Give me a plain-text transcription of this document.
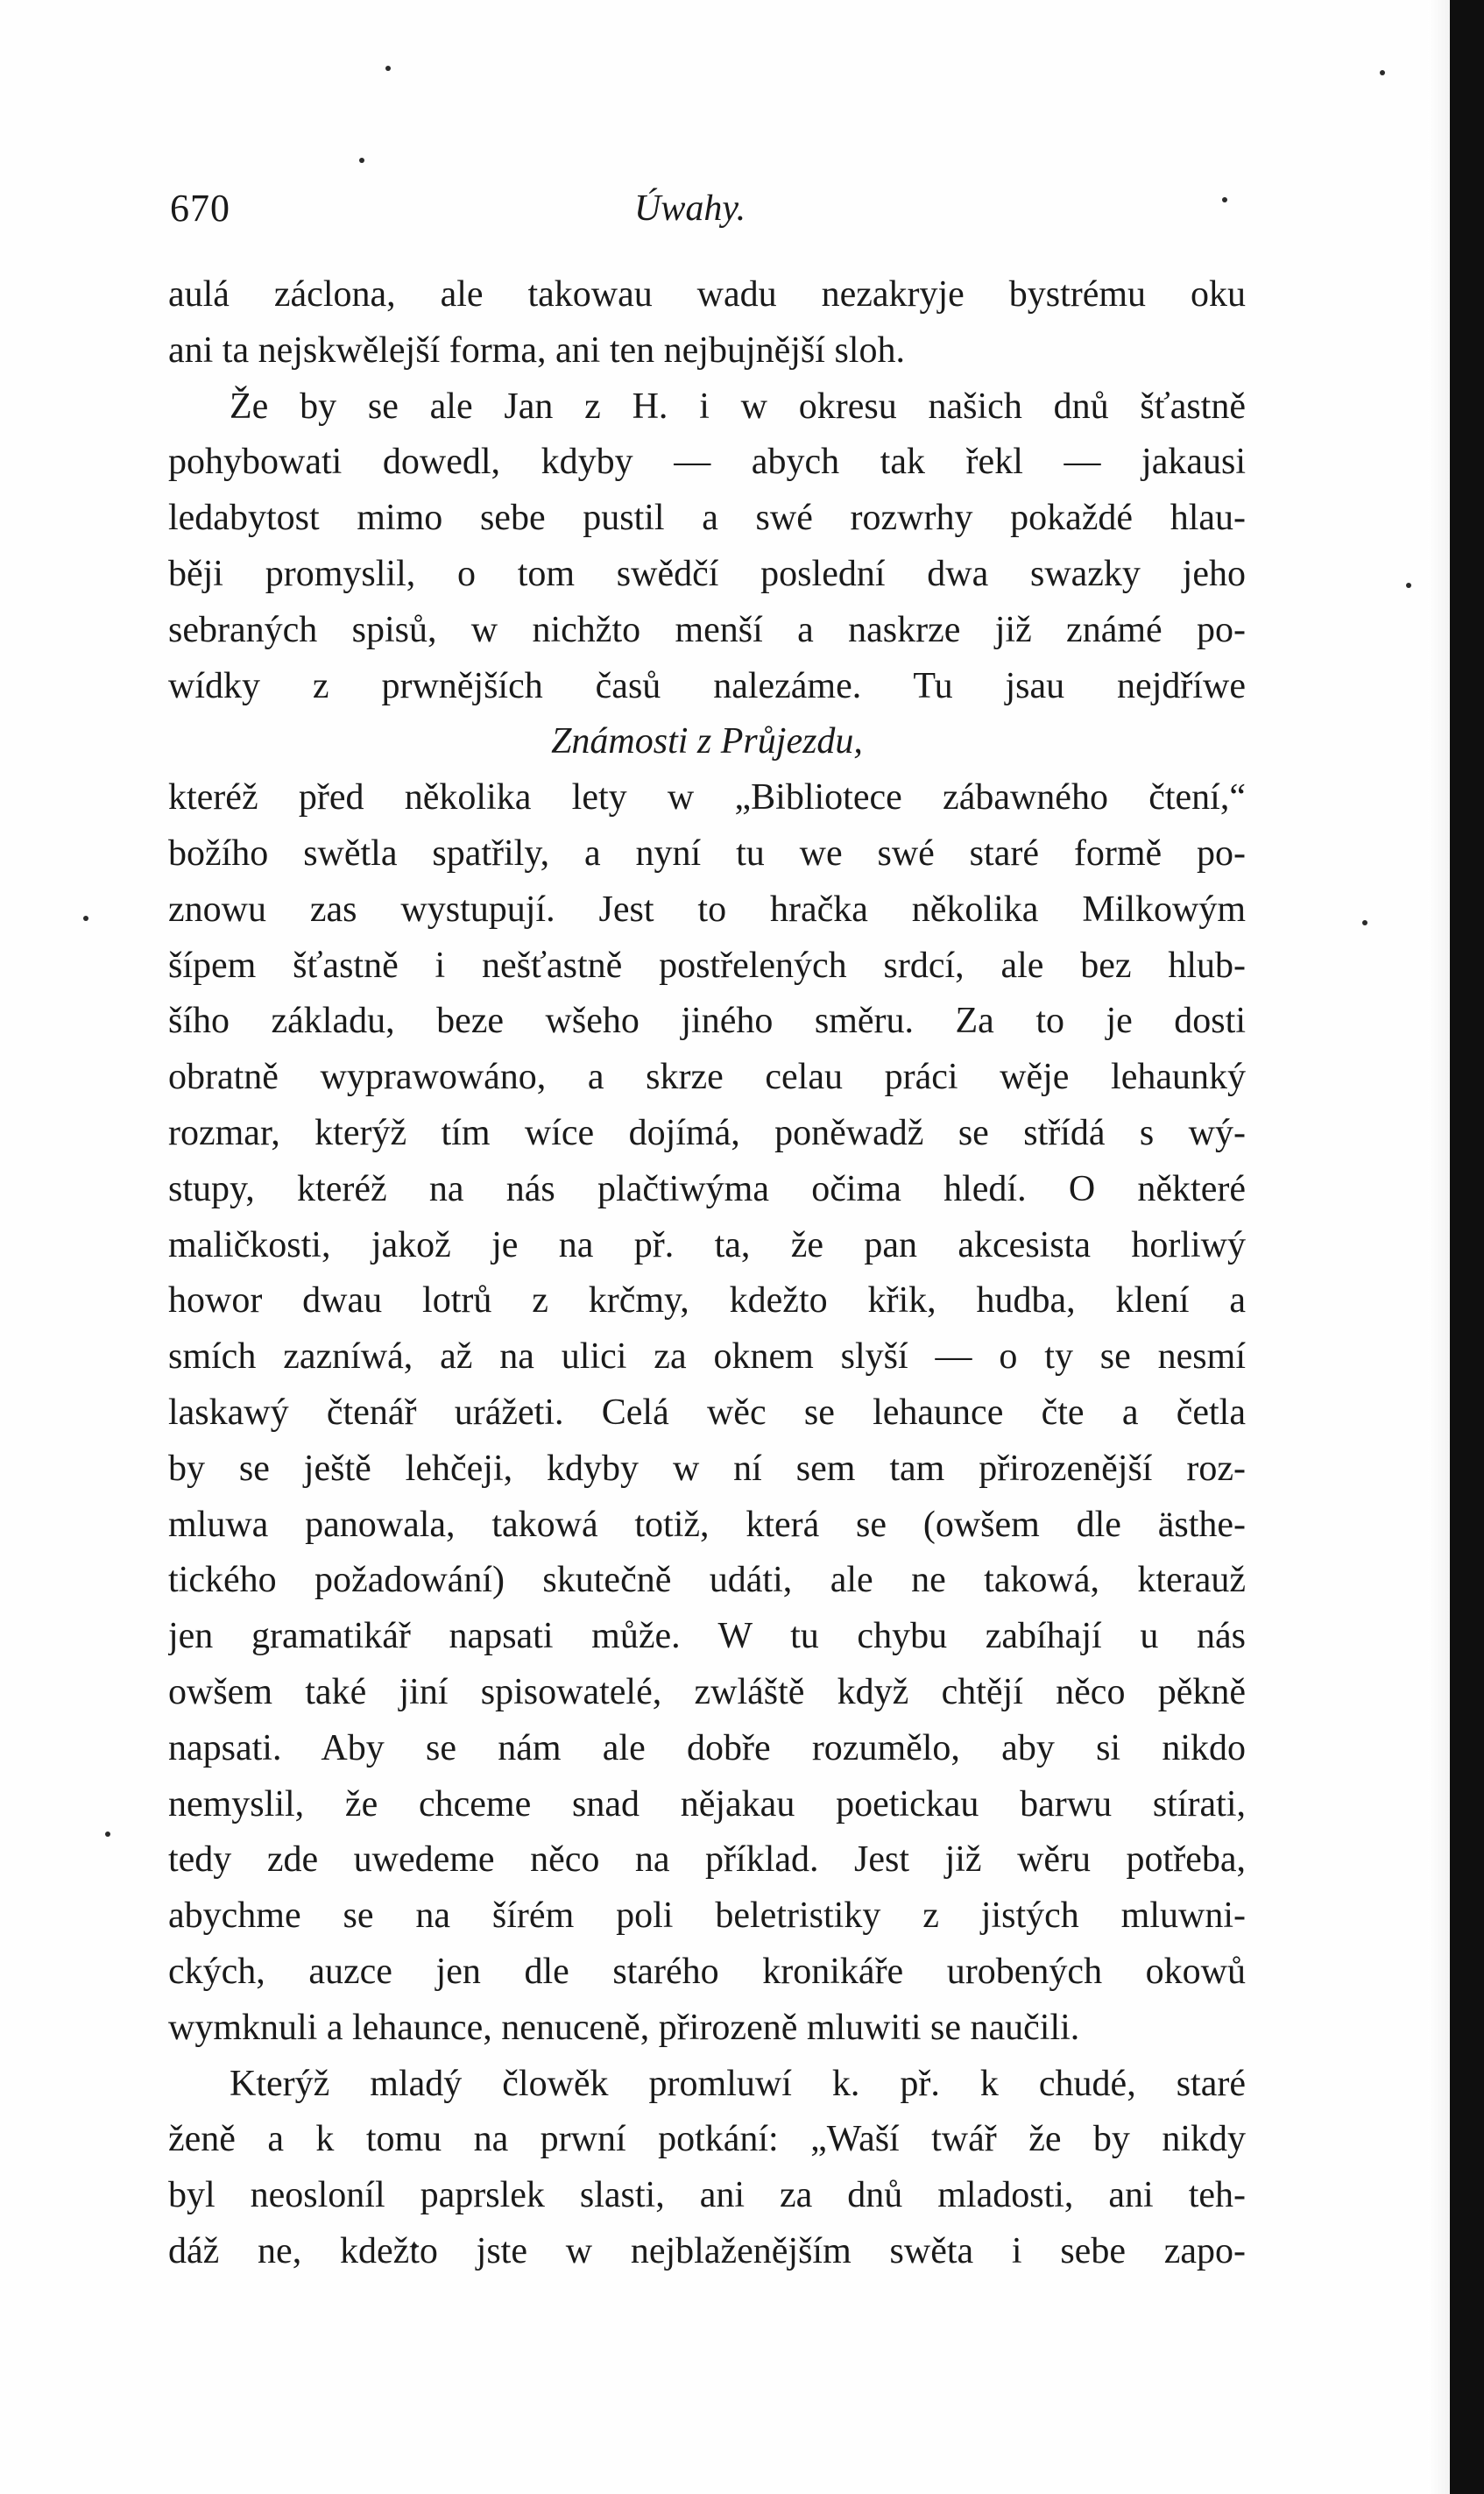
670	Úwahy.
aulá záclona, ale takowau wadu nezakryje bystrému oku
ani ta nejskwělejší forma, ani ten nejbujnější sloh.
Že by se ale Jan z H. i w okresu našich dnů šťastně
pohybowati dowedl, kdyby — abych tak řekl — jakausi
ledabytost mimo sebe pustil a swé rozwrhy pokaždé hlau-
běji promyslil, o tom swědčí poslední dwa swazky jeho
sebraných spisů, w nichžto menší a naskrze již známé po-
wídky z prwnějších časů nalezáme. Tu jsau nejdříwe
Známosti z Průjezdu,
kteréž před několika lety w „Bibliotece zábawného čtení,“
božího swětla spatřily, a nyní tu we swé staré formě po-
znowu zas wystupují. Jest to hračka několika Milkowým
šípem šťastně i nešťastně postřelených srdcí, ale bez hlub-
šího základu, beze wšeho jiného směru. Za to je dosti
obratně wyprawowáno, a skrze celau práci wěje lehaunký
rozmar, kterýž tím wíce dojímá, poněwadž se střídá s wý-
stupy, kteréž na nás plačtiwýma očima hledí. O některé
maličkosti, jakož je na př. ta, že pan akcesista horliwý
howor dwau lotrů z krčmy, kdežto křik, hudba, klení a
smích zazníwá, až na ulici za oknem slyší — o ty se nesmí
laskawý čtenář urážeti. Celá wěc se lehaunce čte a četla
by se ještě lehčeji, kdyby w ní sem tam přirozenější roz-
mluwa panowala, takowá totiž, která se (owšem dle ästhe-
tického požadowání) skutečně udáti, ale ne takowá, kterauž
jen gramatikář napsati může. W tu chybu zabíhají u nás
owšem také jiní spisowatelé, zwláště když chtějí něco pěkně
napsati. Aby se nám ale dobře rozumělo, aby si nikdo
nemyslil, že chceme snad nějakau poetickau barwu stírati,
tedy zde uwedeme něco na příklad. Jest již wěru potřeba,
abychme se na šírém poli beletristiky z jistých mluwni-
ckých, auzce jen dle starého kronikáře urobených okowů
wymknuli a lehaunce, nenuceně, přirozeně mluwiti se naučili.
Kterýž mladý člowěk promluwí k. př. k chudé, staré
ženě a k tomu na prwní potkání: „Waší twář že by nikdy
byl neosloníl paprslek slasti, ani za dnů mladosti, ani teh-
dáž ne, kdežto jste w nejblaženějším swěta i sebe zapo-
